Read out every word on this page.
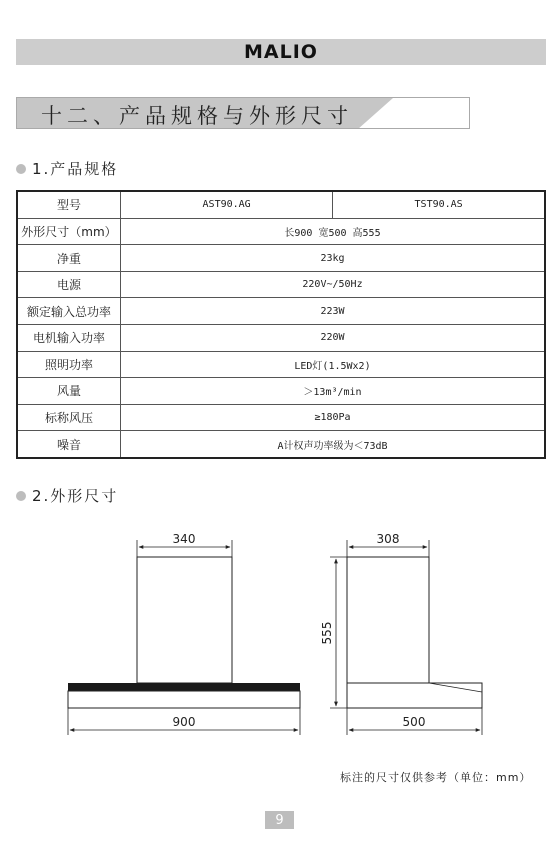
MALIO
十二、产品规格与外形尺寸
1.产品规格
型号	AST90.AG	TST90.AS
外形尺寸（mm）	长900 宽500 高555	
净重	23kg	
电源	220V~/50Hz	
额定输入总功率	223W	
电机输入功率	220W	
照明功率	LED灯(1.5Wx2)	
风量	＞13m³/min	
标称风压	≥180Pa	
噪音	A计权声功率级为＜73dB	
2.外形尺寸
340
900
308
555
500
标注的尺寸仅供参考（单位：mm）
9
